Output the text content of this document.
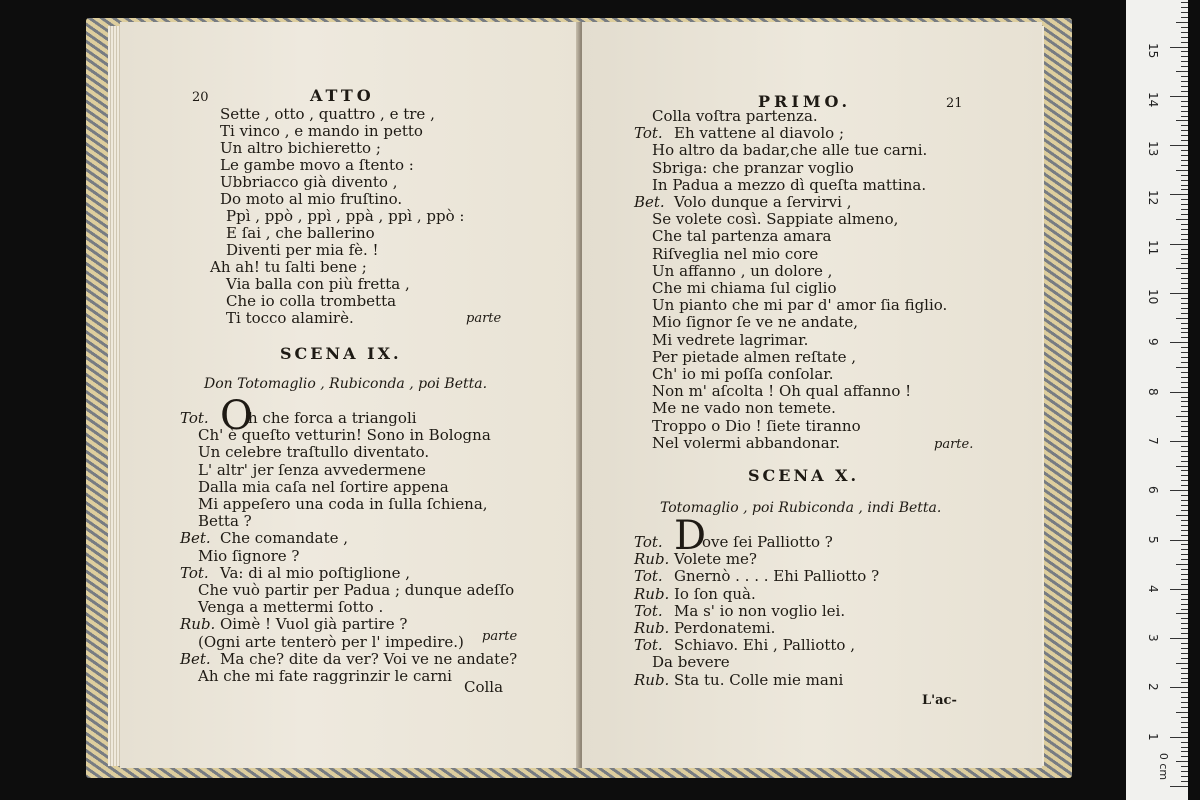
20	ATTO
Sette , otto , quattro , e tre ,
Ti vinco , e mando in petto
Un altro bichieretto ;
Le gambe movo a ſtento :
Ubbriacco già divento ,
Do moto al mio fruſtino.
Ppì , ppò , ppì , ppà , ppì , ppò :
E ſai , che ballerino
Diventi per mia fè. !
Ah ah! tu ſalti bene ;
Via balla con più fretta ,
Che io colla trombetta
Ti tocco alamirè.	parte
SCENA IX.
Don Totomaglio , Rubiconda , poi Betta.
Tot. O
h che forca a triangoli
Ch' è queſto vetturin! Sono in Bologna
Un celebre traſtullo diventato.
L' altr' jer ſenza avvedermene
Dalla mia caſa nel ſortire appena
Mi appeſero una coda in ſulla ſchiena,
Betta ?
Bet. Che comandate ,
Mio ſignore ?
Tot. Va: di al mio poſtiglione ,
Che vuò partir per Padua ; dunque adeſſo
Venga a mettermi ſotto .
Rub. Oimè ! Vuol già partire ?
(Ogni arte tenterò per l' impedire.)
Bet. Ma che? dite da ver? Voi ve ne andate?
Ah che mi fate raggrinzir le carni
parte
Colla
PRIMO.	21
Colla voſtra partenza.
Tot. Eh vattene al diavolo ;
Ho altro da badar,che alle tue carni.
Sbriga: che pranzar voglio
In Padua a mezzo dì queſta mattina.
Bet. Volo dunque a ſervirvi ,
Se volete così. Sappiate almeno,
Che tal partenza amara
Riſveglia nel mio core
Un affanno , un dolore ,
Che mi chiama ſul ciglio
Un pianto che mi par d' amor ſia figlio.
Mio ſignor ſe ve ne andate,
Mi vedrete lagrimar.
Per pietade almen reſtate ,
Ch' io mi poſſa conſolar.
Non m' aſcolta ! Oh qual affanno !
Me ne vado non temete.
Troppo o Dio ! ſiete tiranno
Nel volermi abbandonar.	parte.
SCENA X.
Totomaglio , poi Rubiconda , indi Betta.
Tot. D
ove ſei Palliotto ?
Rub. Volete me?
Tot. Gnernò . . . . Ehi Palliotto ?
Rub. Io ſon quà.
Tot. Ma s' io non voglio lei.
Rub. Perdonatemi.
Tot. Schiavo. Ehi , Palliotto ,
Da bevere
Rub. Sta tu. Colle mie mani
L'ac-
1
2
3
4
5
6
7
8
9
10
11
12
13
14
15
0 cm
